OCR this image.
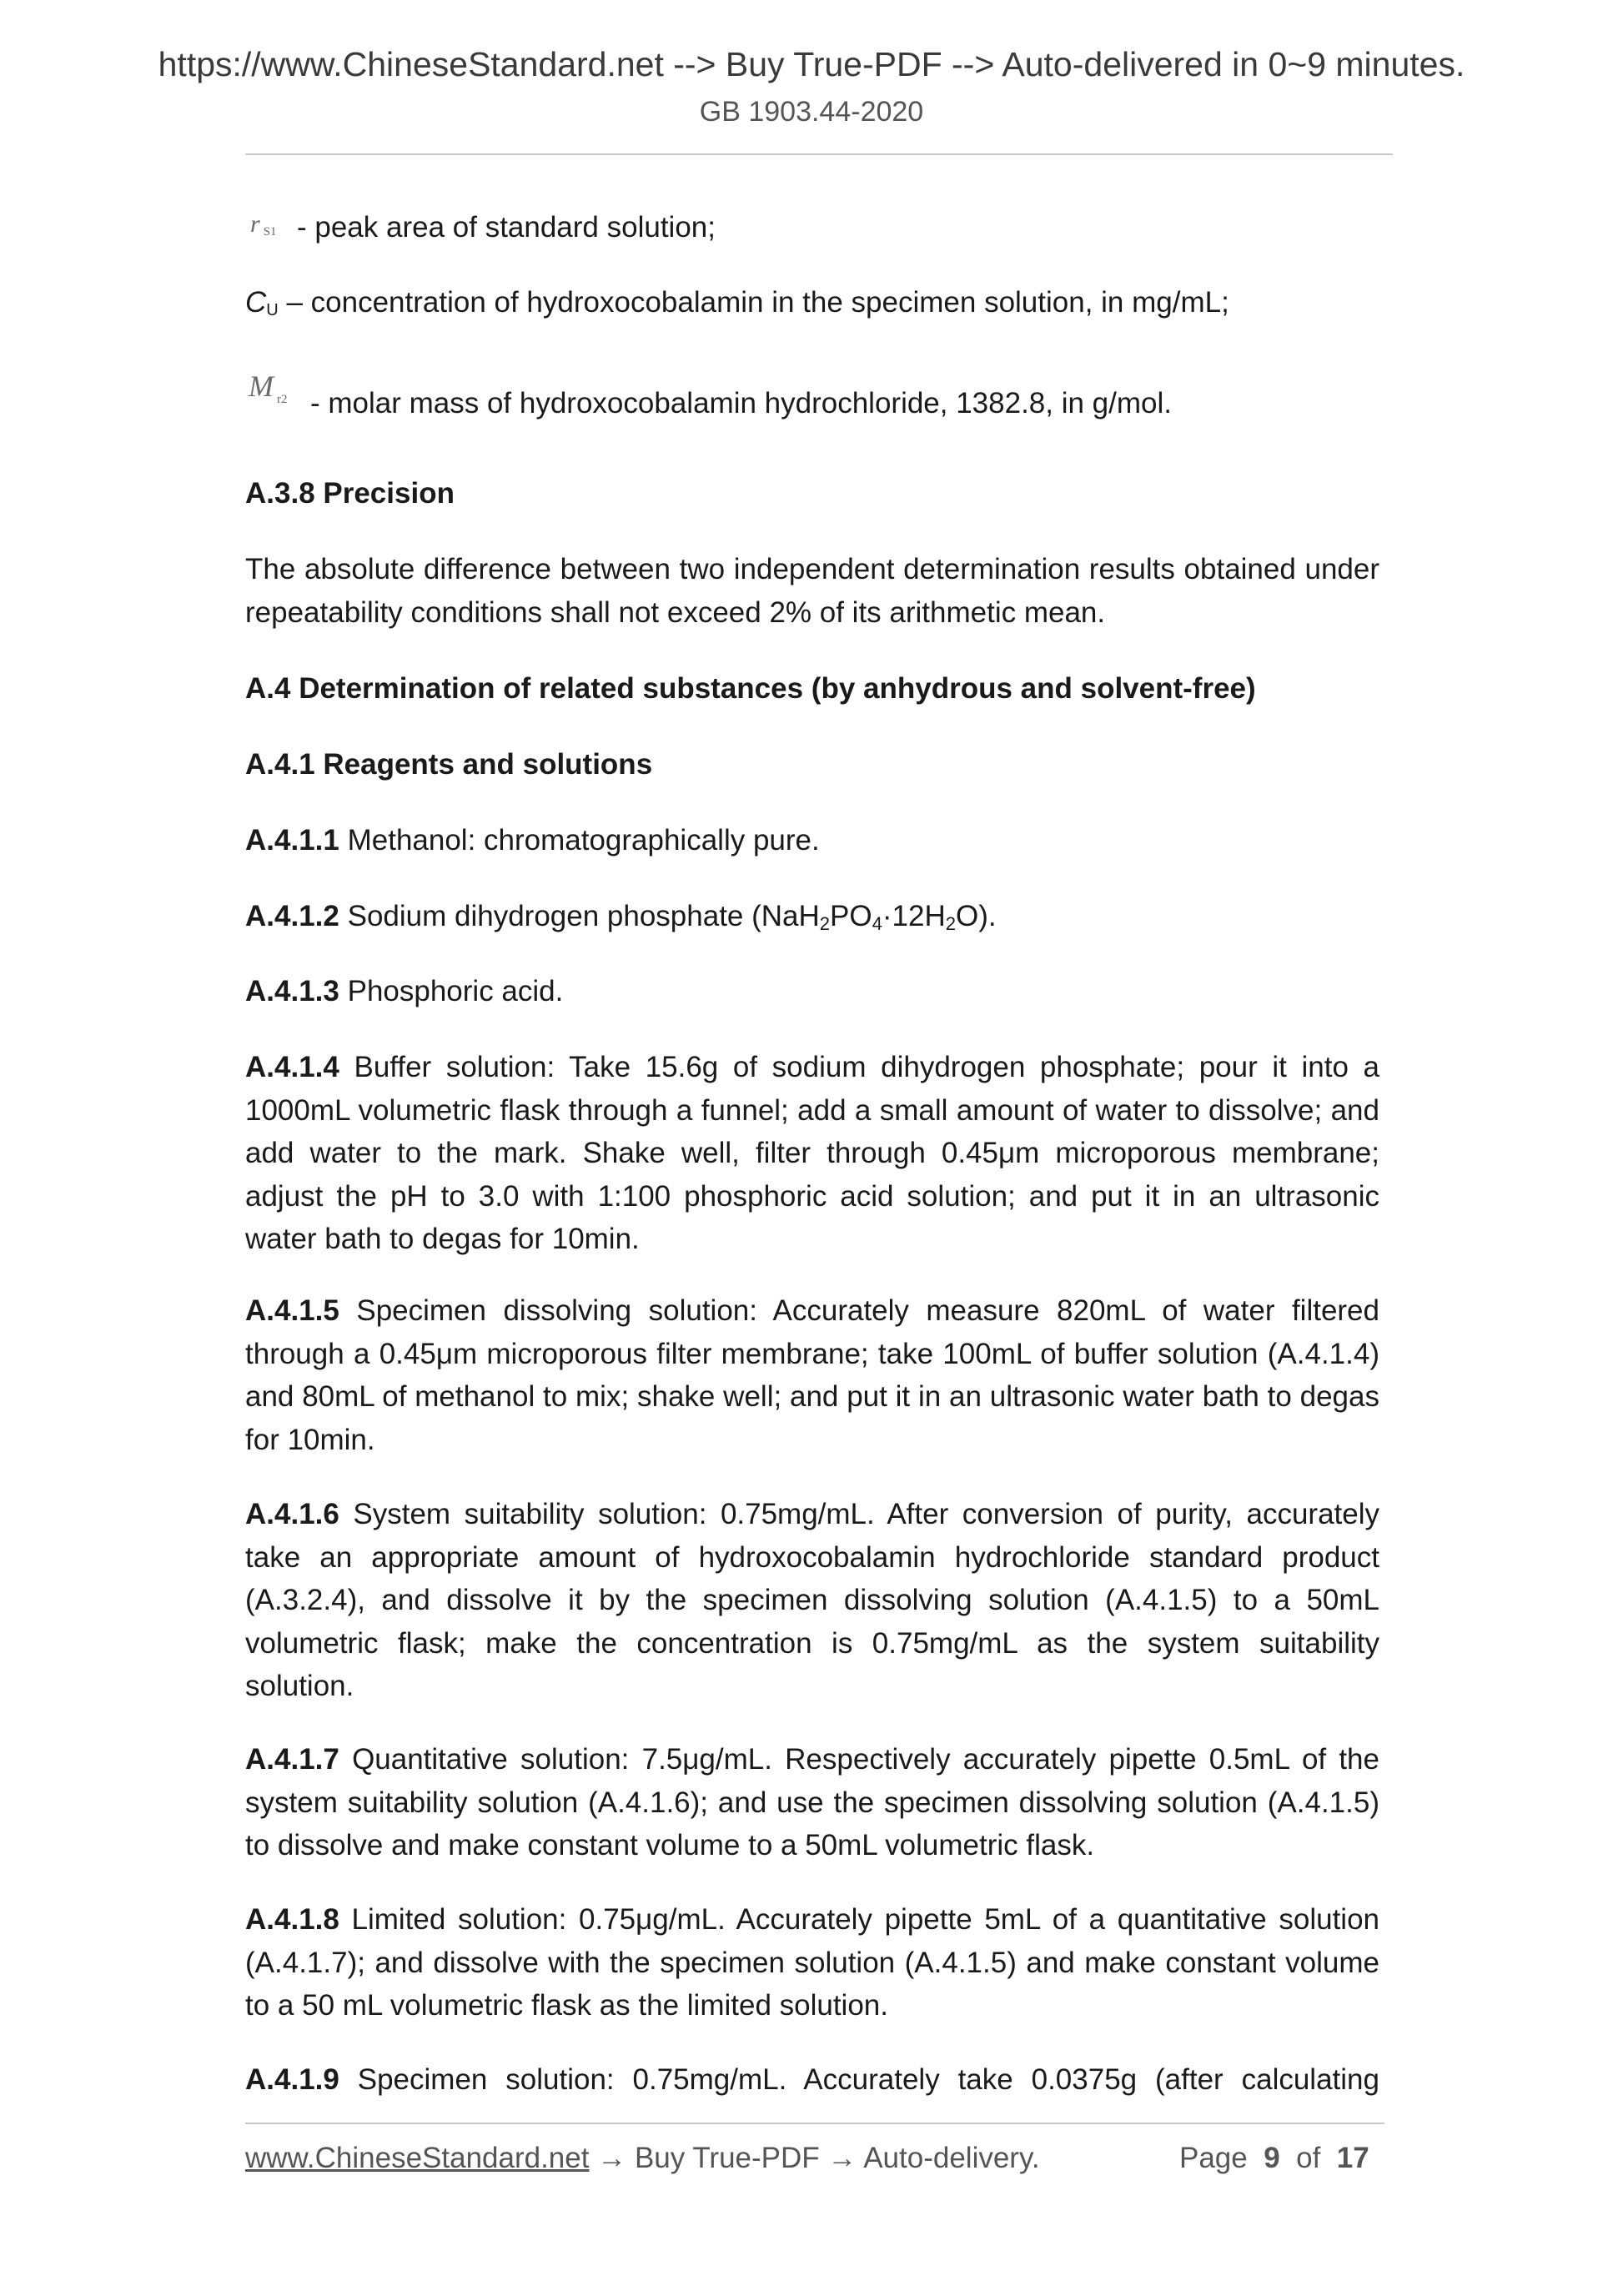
https://www.ChineseStandard.net --> Buy True-PDF --> Auto-delivered in 0~9 minutes.
GB 1903.44-2020
r S1 - peak area of standard solution;
$C_U$ – concentration of hydroxocobalamin in the specimen solution, in mg/mL;
M $_{r2}$ - molar mass of hydroxocobalamin hydrochloride, 1382.8, in g/mol.
A.3.8 Precision
The absolute difference between two independent determination results obtained under repeatability conditions shall not exceed 2% of its arithmetic mean.
A.4 Determination of related substances (by anhydrous and solvent-free)
A.4.1 Reagents and solutions
A.4.1.1 Methanol: chromatographically pure.
A.4.1.2 Sodium dihydrogen phosphate $(NaH_2PO_4\cdot 12H_2O)$.
A.4.1.3 Phosphoric acid.
A.4.1.4 Buffer solution: Take 15.6g of sodium dihydrogen phosphate; pour it into a 1000mL volumetric flask through a funnel; add a small amount of water to dissolve; and add water to the mark. Shake well, filter through 0.45μm microporous membrane; adjust the pH to 3.0 with 1:100 phosphoric acid solution; and put it in an ultrasonic water bath to degas for 10min.
A.4.1.5 Specimen dissolving solution: Accurately measure 820mL of water filtered through a 0.45μm microporous filter membrane; take 100mL of buffer solution (A.4.1.4) and 80mL of methanol to mix; shake well; and put it in an ultrasonic water bath to degas for 10min.
A.4.1.6 System suitability solution: 0.75mg/mL. After conversion of purity, accurately take an appropriate amount of hydroxocobalamin hydrochloride standard product (A.3.2.4), and dissolve it by the specimen dissolving solution (A.4.1.5) to a 50mL volumetric flask; make the concentration is 0.75mg/mL as the system suitability solution.
A.4.1.7 Quantitative solution: 7.5μg/mL. Respectively accurately pipette 0.5mL of the system suitability solution (A.4.1.6); and use the specimen dissolving solution (A.4.1.5) to dissolve and make constant volume to a 50mL volumetric flask.
A.4.1.8 Limited solution: 0.75μg/mL. Accurately pipette 5mL of a quantitative solution (A.4.1.7); and dissolve with the specimen solution (A.4.1.5) and make constant volume to a 50 mL volumetric flask as the limited solution.
A.4.1.9 Specimen solution: 0.75mg/mL. Accurately take 0.0375g (after calculating
www.ChineseStandard.net → Buy True-PDF → Auto-delivery.	Page 9 of 17
